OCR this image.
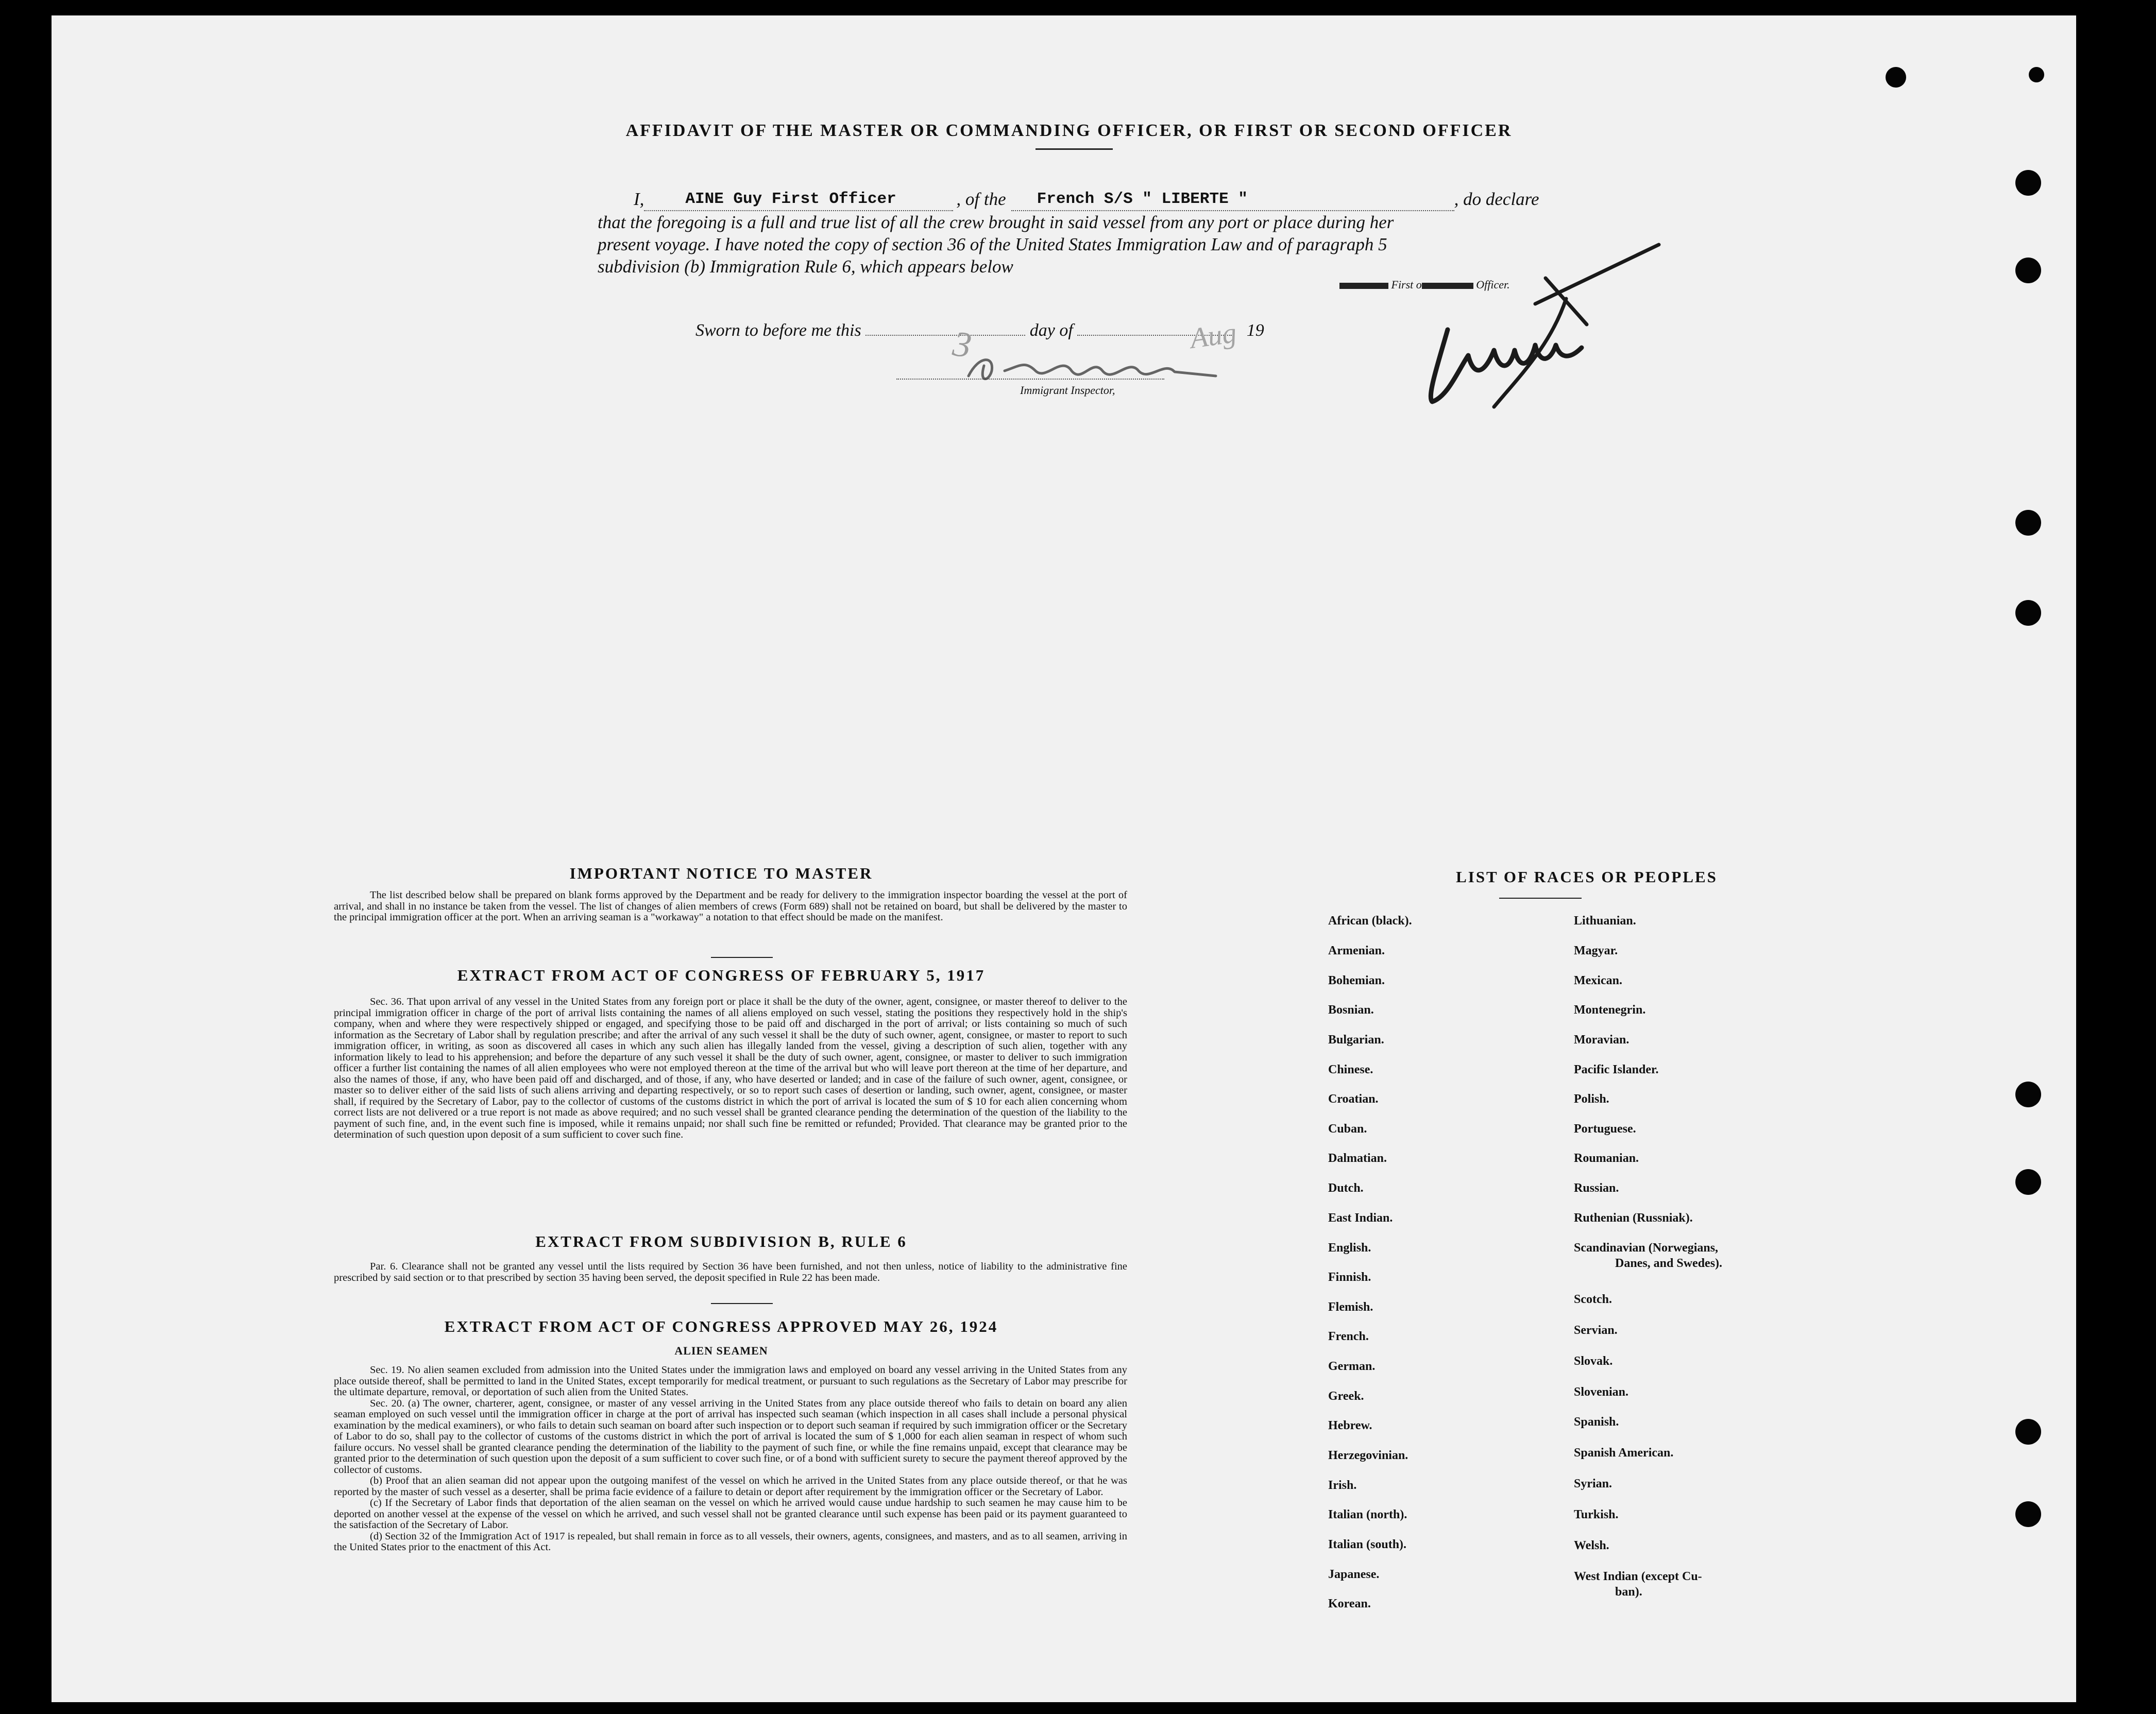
AFFIDAVIT OF THE MASTER OR COMMANDING OFFICER, OR FIRST OR SECOND OFFICER
I,	AINE Guy First Officer	, of the	French S/S " LIBERTE "	, do declare
that the foregoing is a full and true list of all the crew brought in said vessel from any port or place during her
present voyage. I have noted the copy of section 36 of the United States Immigration Law and of paragraph 5
subdivision (b) Immigration Rule 6, which appears below
First o	Officer.
Sworn to before me this	day of	19
3	Aug
Immigrant Inspector,
IMPORTANT NOTICE TO MASTER

The list described below shall be prepared on blank forms approved by the Department and be ready for delivery to the immigration inspector boarding the vessel at the port of arrival, and shall in no instance be taken from the vessel. The list of changes of alien members of crews (Form 689) shall not be retained on board, but shall be delivered by the master to the principal immigration officer at the port. When an arriving seaman is a "workaway" a notation to that effect should be made on the manifest.

EXTRACT FROM ACT OF CONGRESS OF FEBRUARY 5, 1917

Sec. 36. That upon arrival of any vessel in the United States from any foreign port or place it shall be the duty of the owner, agent, consignee, or master thereof to deliver to the principal immigration officer in charge of the port of arrival lists containing the names of all aliens employed on such vessel, stating the positions they respectively hold in the ship's company, when and where they were respectively shipped or engaged, and specifying those to be paid off and discharged in the port of arrival; or lists containing so much of such information as the Secretary of Labor shall by regulation prescribe; and after the arrival of any such vessel it shall be the duty of such owner, agent, consignee, or master to report to such immigration officer, in writing, as soon as discovered all cases in which any such alien has illegally landed from the vessel, giving a description of such alien, together with any information likely to lead to his apprehension; and before the departure of any such vessel it shall be the duty of such owner, agent, consignee, or master to deliver to such immigration officer a further list containing the names of all alien employees who were not employed thereon at the time of the arrival but who will leave port thereon at the time of her departure, and also the names of those, if any, who have been paid off and discharged, and of those, if any, who have deserted or landed; and in case of the failure of such owner, agent, consignee, or master so to deliver either of the said lists of such aliens arriving and departing respectively, or so to report such cases of desertion or landing, such owner, agent, consignee, or master shall, if required by the Secretary of Labor, pay to the collector of customs of the customs district in which the port of arrival is located the sum of $ 10 for each alien concerning whom correct lists are not delivered or a true report is not made as above required; and no such vessel shall be granted clearance pending the determination of the question of the liability to the payment of such fine, and, in the event such fine is imposed, while it remains unpaid; nor shall such fine be remitted or refunded; Provided. That clearance may be granted prior to the determination of such question upon deposit of a sum sufficient to cover such fine.

EXTRACT FROM SUBDIVISION B, RULE 6

Par. 6. Clearance shall not be granted any vessel until the lists required by Section 36 have been furnished, and not then unless, notice of liability to the administrative fine prescribed by said section or to that prescribed by section 35 having been served, the deposit specified in Rule 22 has been made.

EXTRACT FROM ACT OF CONGRESS APPROVED MAY 26, 1924
ALIEN SEAMEN

Sec. 19. No alien seamen excluded from admission into the United States under the immigration laws and employed on board any vessel arriving in the United States from any place outside thereof, shall be permitted to land in the United States, except temporarily for medical treatment, or pursuant to such regulations as the Secretary of Labor may prescribe for the ultimate departure, removal, or deportation of such alien from the United States.

Sec. 20. (a) The owner, charterer, agent, consignee, or master of any vessel arriving in the United States from any place outside thereof who fails to detain on board any alien seaman employed on such vessel until the immigration officer in charge at the port of arrival has inspected such seaman (which inspection in all cases shall include a personal physical examination by the medical examiners), or who fails to detain such seaman on board after such inspection or to deport such seaman if required by such immigration officer or the Secretary of Labor to do so, shall pay to the collector of customs of the customs district in which the port of arrival is located the sum of $ 1,000 for each alien seaman in respect of whom such failure occurs. No vessel shall be granted clearance pending the determination of the liability to the payment of such fine, or while the fine remains unpaid, except that clearance may be granted prior to the determination of such question upon the deposit of a sum sufficient to cover such fine, or of a bond with sufficient surety to secure the payment thereof approved by the collector of customs.

(b) Proof that an alien seaman did not appear upon the outgoing manifest of the vessel on which he arrived in the United States from any place outside thereof, or that he was reported by the master of such vessel as a deserter, shall be prima facie evidence of a failure to detain or deport after requirement by the immigration officer or the Secretary of Labor.

(c) If the Secretary of Labor finds that deportation of the alien seaman on the vessel on which he arrived would cause undue hardship to such seamen he may cause him to be deported on another vessel at the expense of the vessel on which he arrived, and such vessel shall not be granted clearance until such expense has been paid or its payment guaranteed to the satisfaction of the Secretary of Labor.

(d) Section 32 of the Immigration Act of 1917 is repealed, but shall remain in force as to all vessels, their owners, agents, consignees, and masters, and as to all seamen, arriving in the United States prior to the enactment of this Act.

LIST OF RACES OR PEOPLES
African (black).
Armenian.
Bohemian.
Bosnian.
Bulgarian.
Chinese.
Croatian.
Cuban.
Dalmatian.
Dutch.
East Indian.
English.
Finnish.
Flemish.
French.
German.
Greek.
Hebrew.
Herzegovinian.
Irish.
Italian (north).
Italian (south).
Japanese.
Korean.
Lithuanian.
Magyar.
Mexican.
Montenegrin.
Moravian.
Pacific Islander.
Polish.
Portuguese.
Roumanian.
Russian.
Ruthenian (Russniak).
Scandinavian (Norwegians,
Danes, and Swedes).
Scotch.
Servian.
Slovak.
Slovenian.
Spanish.
Spanish American.
Syrian.
Turkish.
Welsh.
West Indian (except Cu-
ban).
